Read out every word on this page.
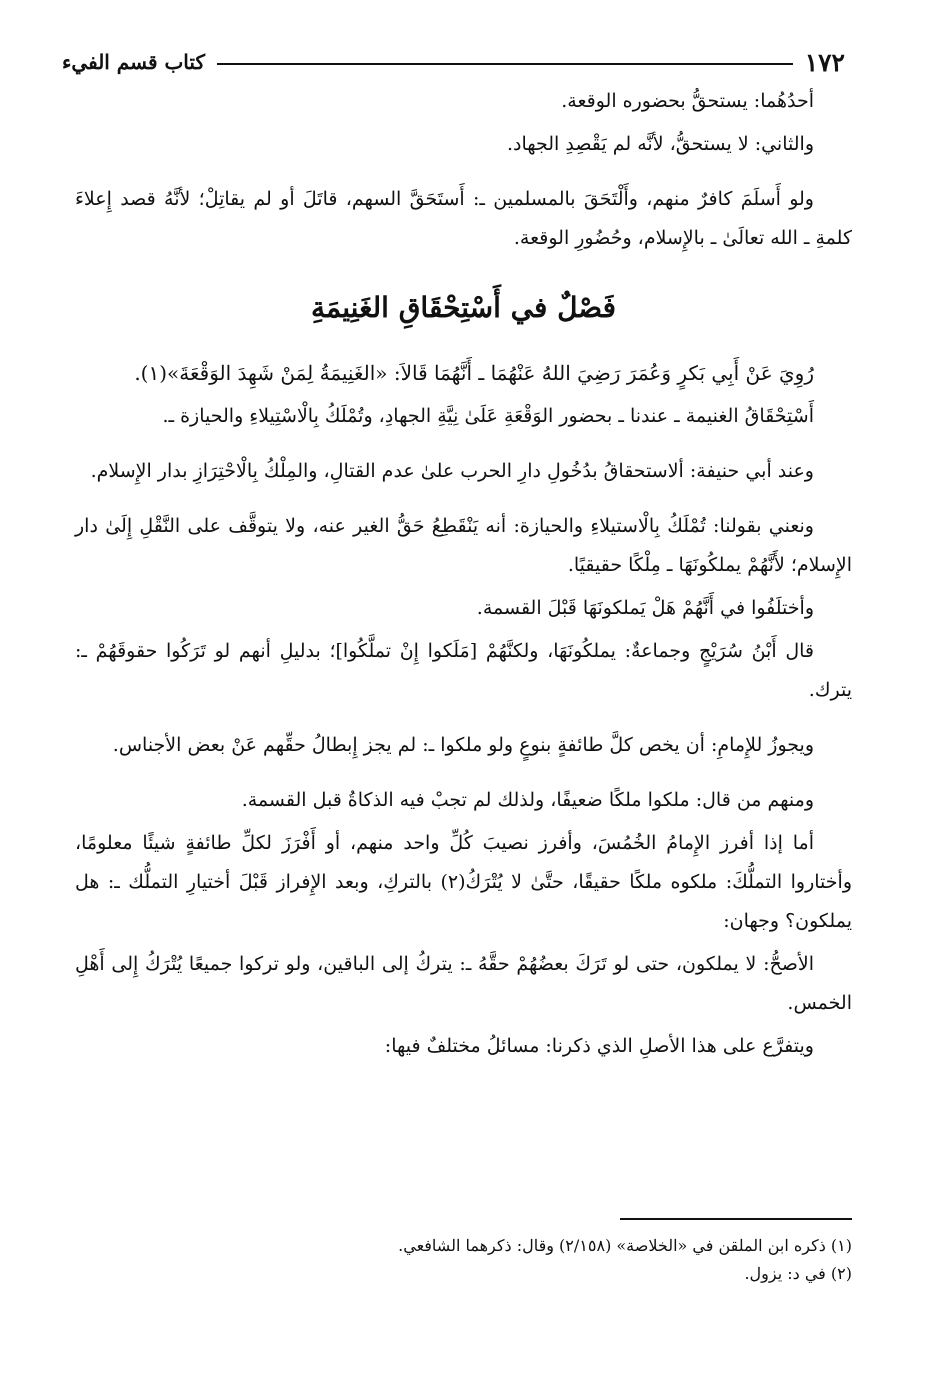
١٧٢
كتاب قسم الفيء

أحدُهُما: يستحقُّ بحضوره الوقعة.

والثاني: لا يستحقُّ، لأنَّه لم يَقْصِدِ الجهاد.

ولو أَسلَمَ كافرٌ منهم، وأَلْتَحَقَ بالمسلمين ـ: أَستَحَقَّ السهم، قاتَلَ أو لم يقاتِلْ؛ لأنَّهُ قصد إِعلاءَ كلمةِ ـ الله تعالَىٰ ـ بالإِسلام، وحُضُورِ الوقعة.

فَصْلٌ في أَسْتِحْقَاقِ الغَنِيمَةِ

رُوِيَ عَنْ أَبِي بَكرٍ وَعُمَرَ رَضِيَ اللهُ عَنْهُمَا ـ أَنَّهُمَا قَالاَ: «الغَنِيمَةُ لِمَنْ شَهِدَ الوَقْعَةَ»(١).

أَسْتِحْقَاقُ الغنيمة ـ عندنا ـ بحضور الوَقْعَةِ عَلَىٰ نِيَّةِ الجهادِ، وتُمْلَكُ بِالْاسْتِيلاءِ والحيازة ـ.

وعند أبي حنيفة: ألاستحقاقُ بدُخُولِ دارِ الحرب علىٰ عدم القتالِ، والمِلْكُ بِالْاحْتِرَازِ بدار الإِسلام.

ونعني بقولنا: تُمْلَكُ بِالْاستيلاءِ والحيازة: أنه يَنْقَطِعُ حَقُّ الغير عنه، ولا يتوقَّف على النَّقْلِ إِلَىٰ دار الإِسلام؛ لأَنَّهُمْ يملكُونَهَا ـ مِلْكًا حقيقيًا.

وأختلَفُوا في أَنَّهُمْ هَلْ يَملكونَهَا قَبْلَ القسمة.

قال أَبْنُ سُرَيْجٍ وجماعةٌ: يملكُونَهَا، ولكنَّهُمْ [مَلَكوا إِنْ تملَّكُوا]؛ بدليلِ أنهم لو تَرَكُوا حقوقَهُمْ ـ: يترك.

ويجوزُ للإِمامِ: أن يخص كلَّ طائفةٍ بنوعٍ ولو ملكوا ـ: لم يجز إِبطالُ حقِّهم عَنْ بعض الأجناس.

ومنهم من قال: ملكوا ملكًا ضعيفًا، ولذلك لم تجبْ فيه الذكاةُ قبل القسمة.

أما إذا أفرز الإِمامُ الخُمُسَ، وأفرز نصيبَ كُلِّ واحد منهم، أو أَفْرَزَ لكلِّ طائفةٍ شيئًا معلومًا، وأختاروا التملُّكَ: ملكوه ملكًا حقيقًا، حتَّىٰ لا يُتْرَكُ(٢) بالتركِ، وبعد الإِفراز قَبْلَ أختيارِ التملُّك ـ: هل يملكون؟ وجهان:

الأصحُّ: لا يملكون، حتى لو تَرَكَ بعضُهُمْ حقَّهُ ـ: يتركُ إلى الباقين، ولو تركوا جميعًا يُتْرَكُ إِلى أَهْلِ الخمس.

ويتفرَّع على هذا الأصلِ الذي ذكرنا: مسائلُ مختلفٌ فيها:

(١) ذكره ابن الملقن في «الخلاصة» (٢/١٥٨) وقال: ذكرهما الشافعي.

(٢) في د: يزول.
